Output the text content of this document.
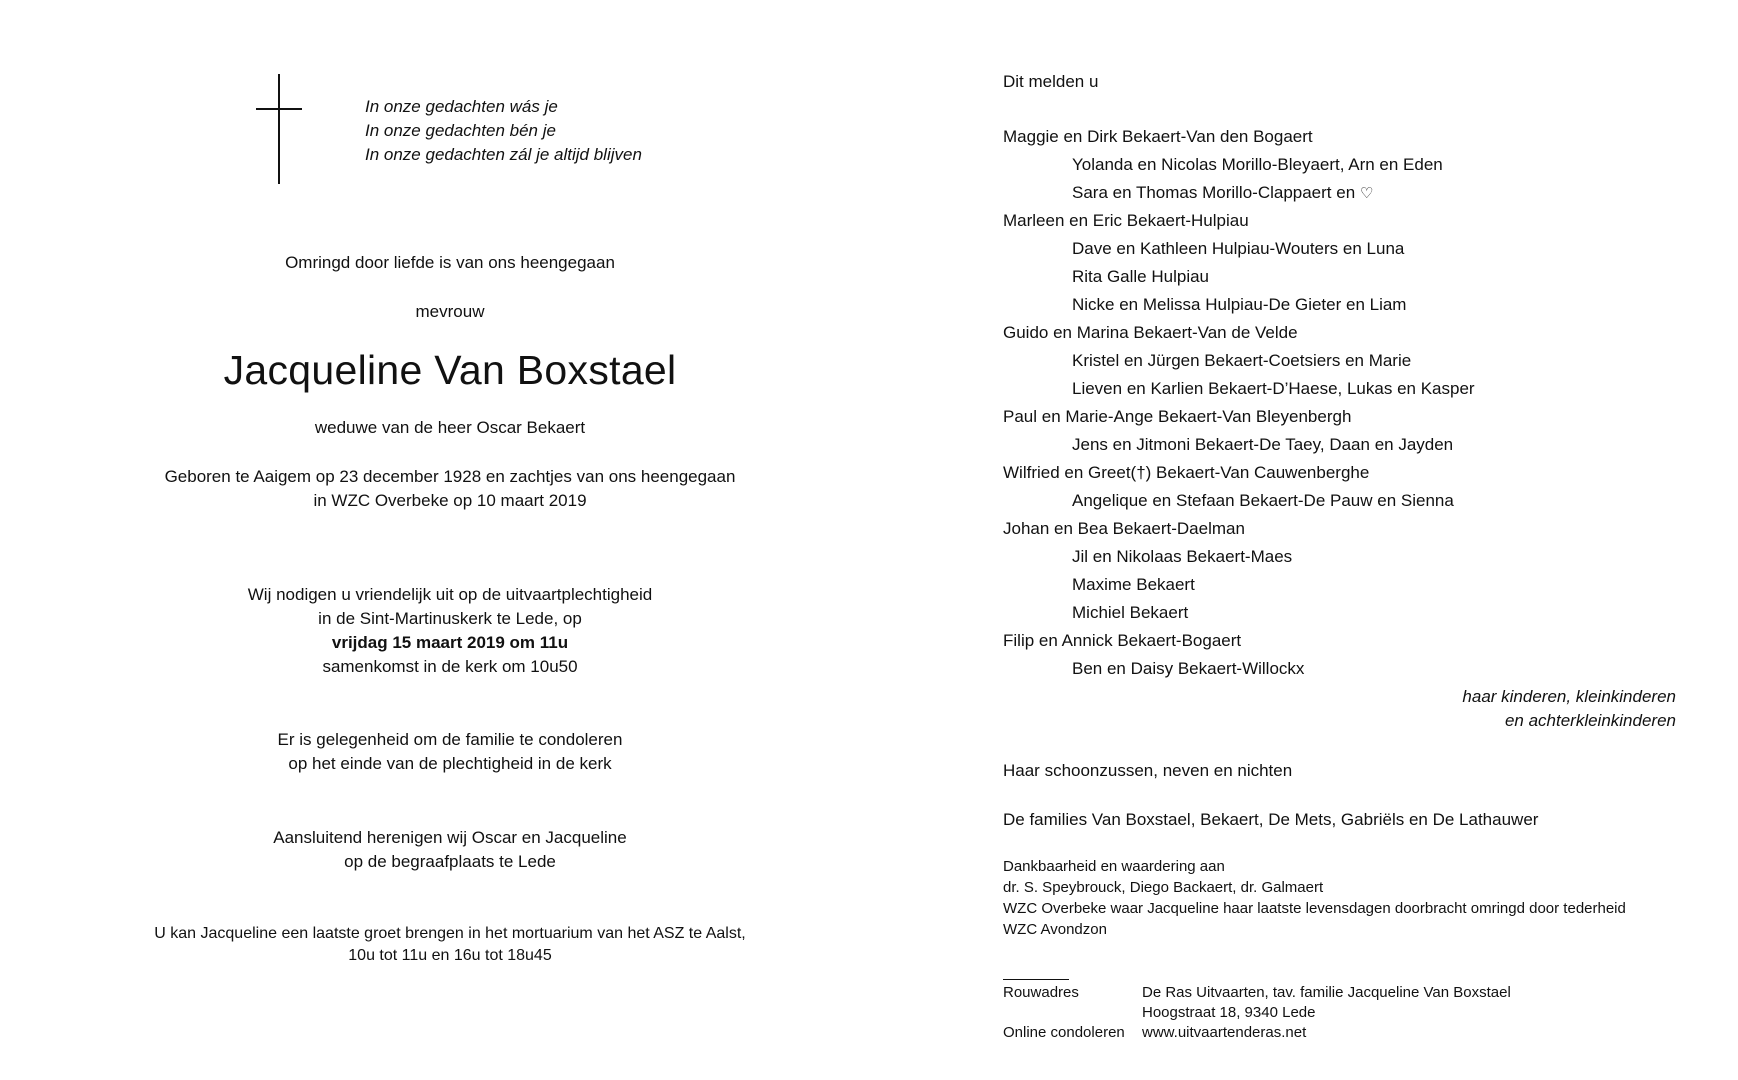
In onze gedachten wás je
In onze gedachten bén je
In onze gedachten zál je altijd blijven
Omringd door liefde is van ons heengegaan
mevrouw
Jacqueline Van Boxstael
weduwe van de heer Oscar Bekaert
Geboren te Aaigem op 23 december 1928 en zachtjes van ons heengegaan
in WZC Overbeke op 10 maart 2019
Wij nodigen u vriendelijk uit op de uitvaartplechtigheid
in de Sint-Martinuskerk te Lede, op
vrijdag 15 maart 2019 om 11u
samenkomst in de kerk om 10u50
Er is gelegenheid om de familie te condoleren
op het einde van de plechtigheid in de kerk
Aansluitend herenigen wij Oscar en Jacqueline
op de begraafplaats te Lede
U kan Jacqueline een laatste groet brengen in het mortuarium van het ASZ te Aalst,
10u tot 11u en 16u tot 18u45
Dit melden u
Maggie en Dirk Bekaert-Van den Bogaert
Yolanda en Nicolas Morillo-Bleyaert, Arn en Eden
Sara en Thomas Morillo-Clappaert en ♡
Marleen en Eric Bekaert-Hulpiau
Dave en Kathleen Hulpiau-Wouters en Luna
Rita Galle Hulpiau
Nicke en Melissa Hulpiau-De Gieter en Liam
Guido en Marina Bekaert-Van de Velde
Kristel en Jürgen Bekaert-Coetsiers en Marie
Lieven en Karlien Bekaert-D’Haese, Lukas en Kasper
Paul en Marie-Ange Bekaert-Van Bleyenbergh
Jens en Jitmoni Bekaert-De Taey, Daan en Jayden
Wilfried en Greet(†) Bekaert-Van Cauwenberghe
Angelique en Stefaan Bekaert-De Pauw en Sienna
Johan en Bea Bekaert-Daelman
Jil en Nikolaas Bekaert-Maes
Maxime Bekaert
Michiel Bekaert
Filip en Annick Bekaert-Bogaert
Ben en Daisy Bekaert-Willockx
haar kinderen, kleinkinderen
en achterkleinkinderen
Haar schoonzussen, neven en nichten
De families Van Boxstael, Bekaert, De Mets, Gabriëls en De Lathauwer
Dankbaarheid en waardering aan
dr. S. Speybrouck, Diego Backaert, dr. Galmaert
WZC Overbeke waar Jacqueline haar laatste levensdagen doorbracht omringd door tederheid
WZC Avondzon
Rouwadres	De Ras Uitvaarten, tav. familie Jacqueline Van Boxstael
Hoogstraat 18, 9340 Lede
Online condoleren www.uitvaartenderas.net
